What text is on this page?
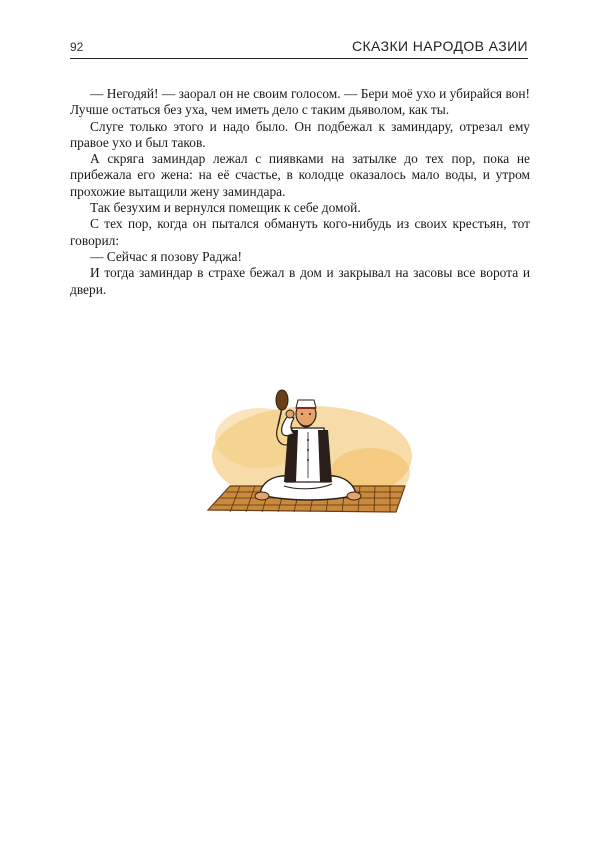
92	СКАЗКИ НАРОДОВ АЗИИ

— Негодяй! — заорал он не своим голосом. — Бери моё ухо и убирайся вон! Лучше остаться без уха, чем иметь дело с таким дьяволом, как ты.

Слуге только этого и надо было. Он подбежал к заминдару, отрезал ему правое ухо и был таков.

А скряга заминдар лежал с пиявками на затылке до тех пор, пока не прибежала его жена: на её счастье, в колодце оказалось мало воды, и утром прохожие вытащили жену заминдара.

Так безухим и вернулся помещик к себе домой.

С тех пор, когда он пытался обмануть кого-нибудь из своих крестьян, тот говорил:

— Сейчас я позову Раджа!

И тогда заминдар в страхе бежал в дом и закрывал на засовы все ворота и двери.
